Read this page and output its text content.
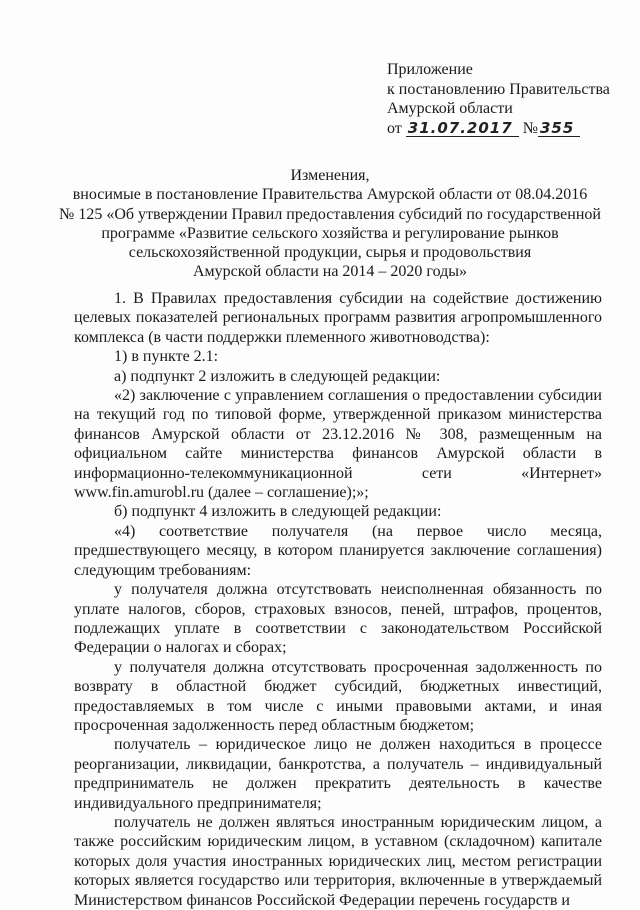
Приложение
к постановлению Правительства
Амурской области
от 31.07.2017 № 355
Изменения,
вносимые в постановление Правительства Амурской области от 08.04.2016
№ 125 «Об утверждении Правил предоставления субсидий по государственной
программе «Развитие сельского хозяйства и регулирование рынков
сельскохозяйственной продукции, сырья и продовольствия
Амурской области на 2014 – 2020 годы»

1. В Правилах предоставления субсидии на содействие достижению целевых показателей региональных программ развития агропромышленного комплекса (в части поддержки племенного животноводства):

1) в пункте 2.1:

а) подпункт 2 изложить в следующей редакции:

«2) заключение с управлением соглашения о предоставлении субсидии на текущий год по типовой форме, утвержденной приказом министерства финансов Амурской области от 23.12.2016 № 308, размещенным на официальном сайте министерства финансов Амурской области в информационно-телекоммуникационной сети «Интернет» www.fin.amurobl.ru (далее – соглашение);»;

б) подпункт 4 изложить в следующей редакции:

«4) соответствие получателя (на первое число месяца, предшествующего месяцу, в котором планируется заключение соглашения) следующим требованиям:

у получателя должна отсутствовать неисполненная обязанность по уплате налогов, сборов, страховых взносов, пеней, штрафов, процентов, подлежащих уплате в соответствии с законодательством Российской Федерации о налогах и сборах;

у получателя должна отсутствовать просроченная задолженность по возврату в областной бюджет субсидий, бюджетных инвестиций, предоставляемых в том числе с иными правовыми актами, и иная просроченная задолженность перед областным бюджетом;

получатель – юридическое лицо не должен находиться в процессе реорганизации, ликвидации, банкротства, а получатель – индивидуальный предприниматель не должен прекратить деятельность в качестве индивидуального предпринимателя;

получатель не должен являться иностранным юридическим лицом, а также российским юридическим лицом, в уставном (складочном) капитале которых доля участия иностранных юридических лиц, местом регистрации которых является государство или территория, включенные в утверждаемый Министерством финансов Российской Федерации перечень государств и
